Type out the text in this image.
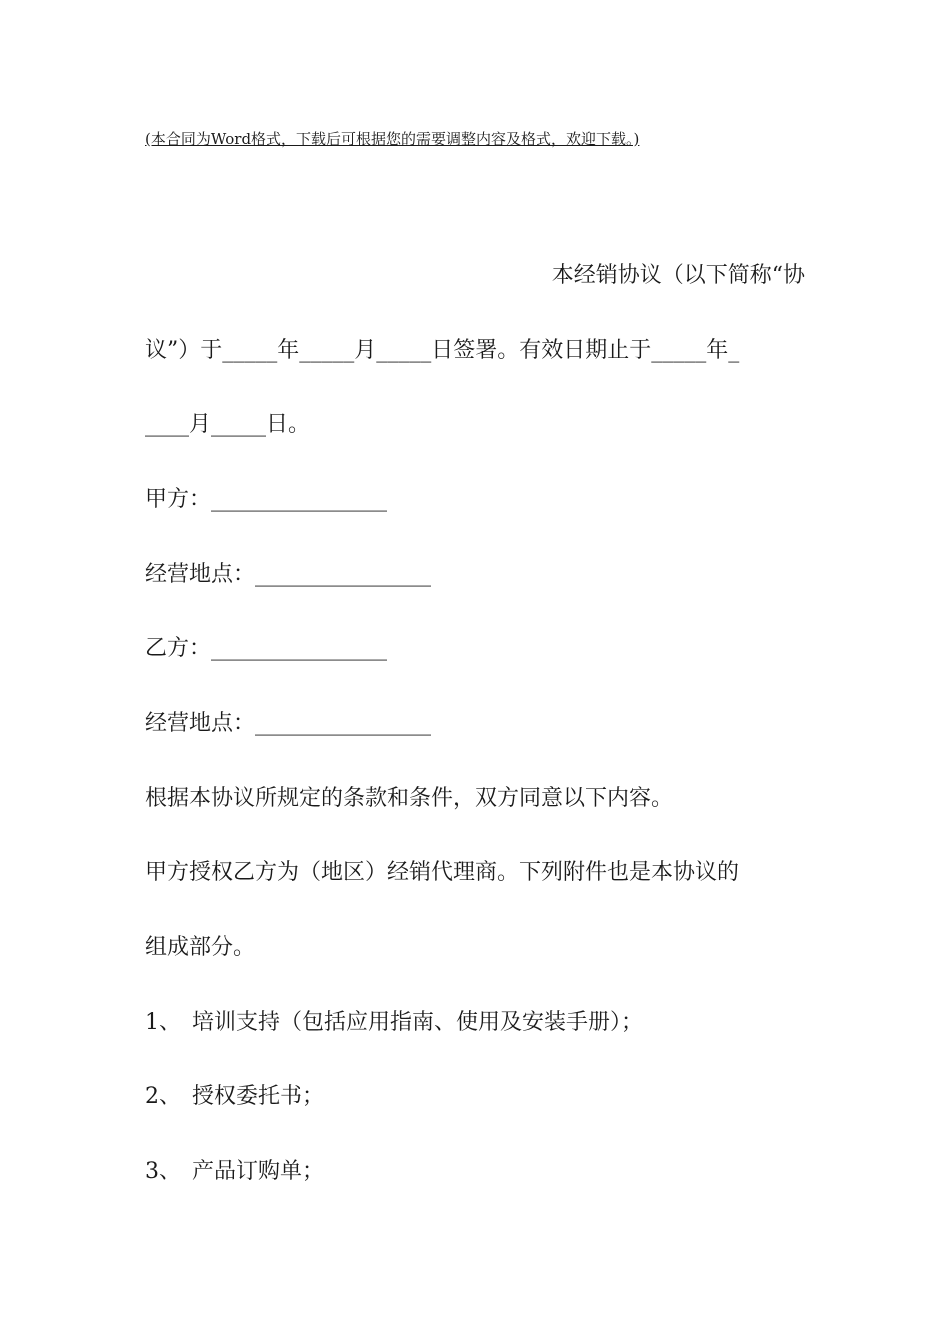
(本合同为Word格式，下载后可根据您的需要调整内容及格式，欢迎下载。)
本经销协议（以下简称“协
议”）于_____年_____月_____日签署。有效日期止于_____年_
____月_____日。
甲方：________________
经营地点：________________
乙方：________________
经营地点：________________
根据本协议所规定的条款和条件，双方同意以下内容。
甲方授权乙方为（地区）经销代理商。下列附件也是本协议的
组成部分。
1、 培训支持（包括应用指南、使用及安装手册）；
2、 授权委托书；
3、 产品订购单；
